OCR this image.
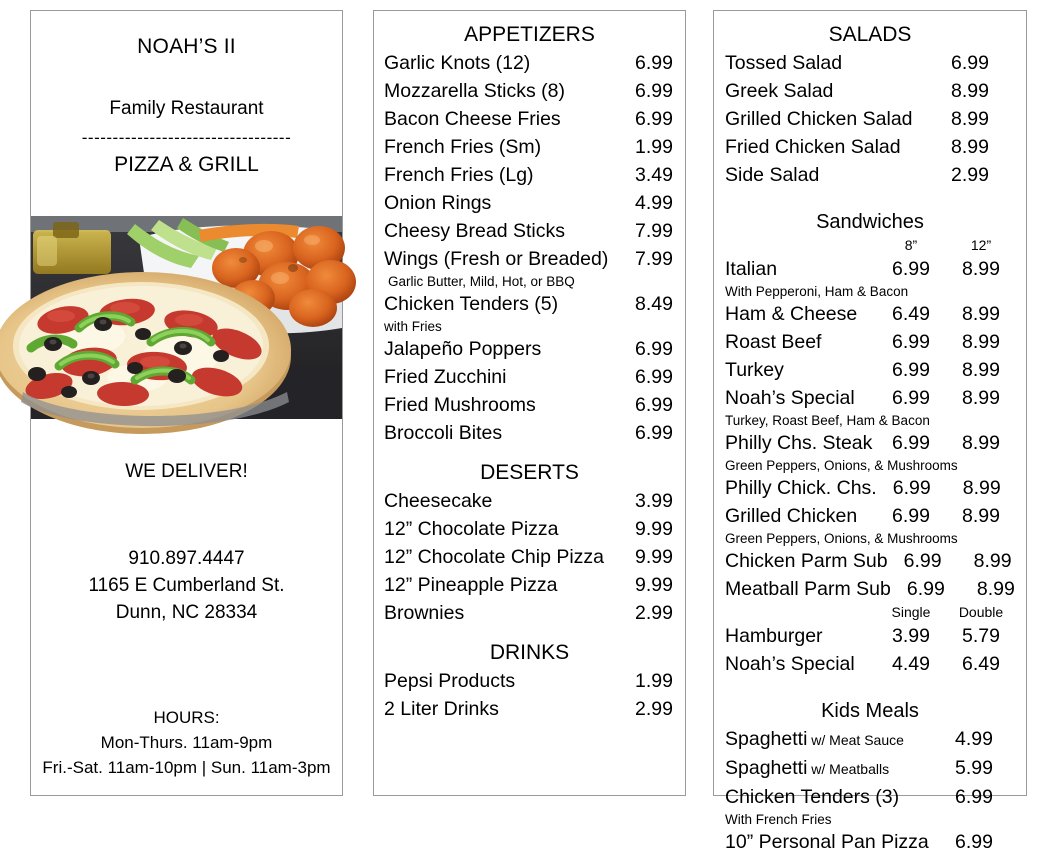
NOAH’S II
Family Restaurant
----------------------------------
PIZZA & GRILL
WE DELIVER!
910.897.4447
1165 E Cumberland St.
Dunn, NC 28334
HOURS:
Mon-Thurs. 11am-9pm
Fri.-Sat. 11am-10pm | Sun. 11am-3pm
APPETIZERS
Garlic Knots (12)	6.99
Mozzarella Sticks (8)	6.99
Bacon Cheese Fries	6.99
French Fries (Sm)	1.99
French Fries (Lg)	3.49
Onion Rings	4.99
Cheesy Bread Sticks	7.99
Wings (Fresh or Breaded)	7.99
Garlic Butter, Mild, Hot, or BBQ
Chicken Tenders (5)	8.49
with Fries
Jalapeño Poppers	6.99
Fried Zucchini	6.99
Fried Mushrooms	6.99
Broccoli Bites	6.99
DESERTS
Cheesecake	3.99
12” Chocolate Pizza	9.99
12” Chocolate Chip Pizza	9.99
12” Pineapple Pizza	9.99
Brownies	2.99
DRINKS
Pepsi Products	1.99
2 Liter Drinks	2.99
SALADS
Tossed Salad	6.99
Greek Salad	8.99
Grilled Chicken Salad	8.99
Fried Chicken Salad	8.99
Side Salad	2.99
Sandwiches
8”	12”
Italian	6.99	8.99
With Pepperoni, Ham & Bacon
Ham & Cheese	6.49	8.99
Roast Beef	6.99	8.99
Turkey	6.99	8.99
Noah’s Special	6.99	8.99
Turkey, Roast Beef, Ham & Bacon
Philly Chs. Steak	6.99	8.99
Green Peppers, Onions, & Mushrooms
Philly Chick. Chs. 6.99	8.99
Grilled Chicken	6.99	8.99
Green Peppers, Onions, & Mushrooms
Chicken Parm Sub 6.99	8.99
Meatball Parm Sub 6.99	8.99
Single	Double
Hamburger	3.99	5.79
Noah’s Special	4.49	6.49
Kids Meals
Spaghetti w/ Meat Sauce	4.99
Spaghetti w/ Meatballs	5.99
Chicken Tenders (3)	6.99
With French Fries
10” Personal Pan Pizza	6.99
